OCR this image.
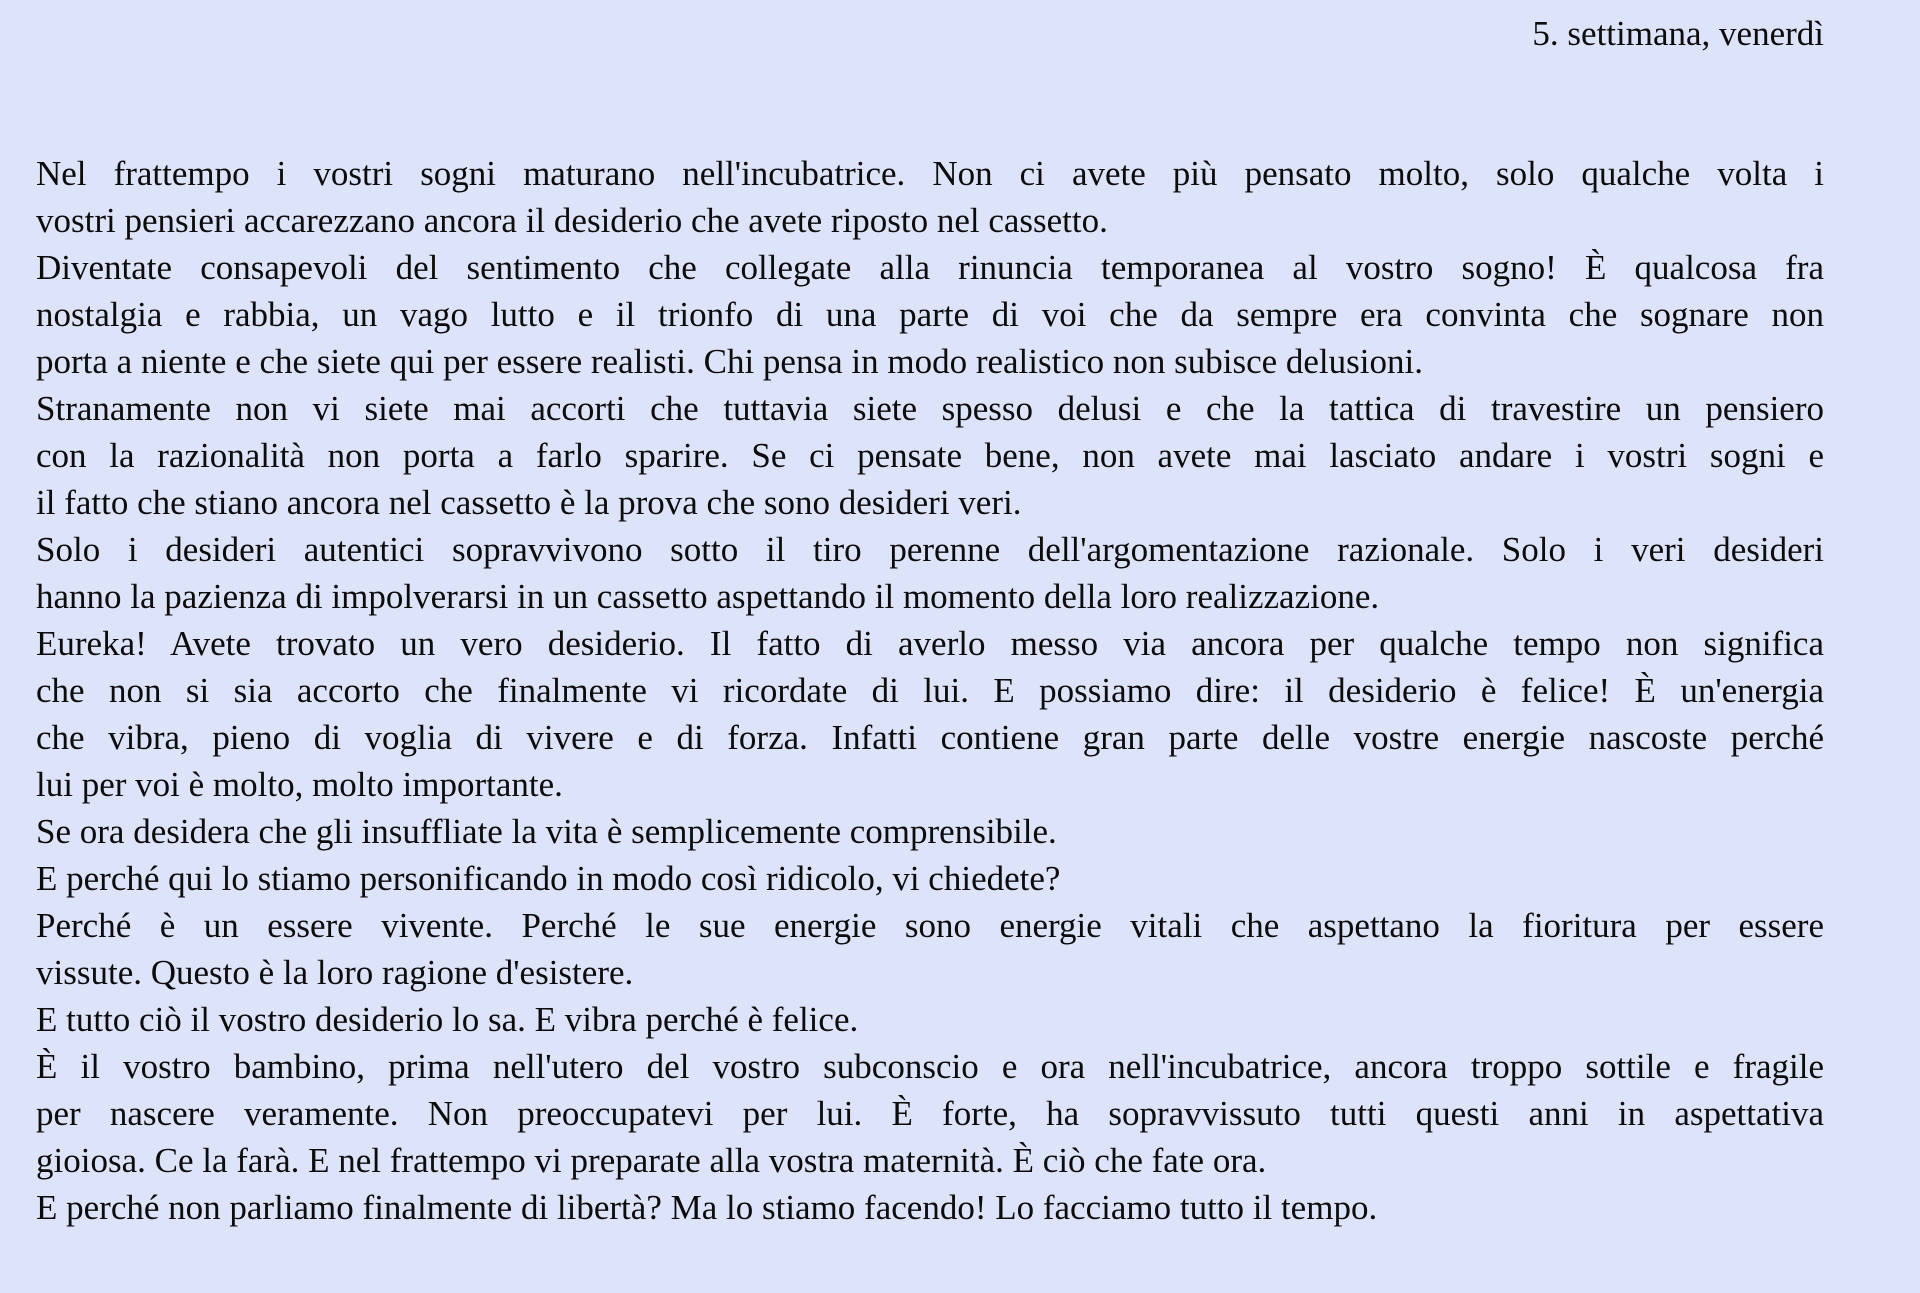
5. settimana, venerdì
Nel frattempo i vostri sogni maturano nell'incubatrice. Non ci avete più pensato molto, solo qualche volta i
vostri pensieri accarezzano ancora il desiderio che avete riposto nel cassetto.
Diventate consapevoli del sentimento che collegate alla rinuncia temporanea al vostro sogno! È qualcosa fra
nostalgia e rabbia, un vago lutto e il trionfo di una parte di voi che da sempre era convinta che sognare non
porta a niente e che siete qui per essere realisti. Chi pensa in modo realistico non subisce delusioni.
Stranamente non vi siete mai accorti che tuttavia siete spesso delusi e che la tattica di travestire un pensiero
con la razionalità non porta a farlo sparire. Se ci pensate bene, non avete mai lasciato andare i vostri sogni e
il fatto che stiano ancora nel cassetto è la prova che sono desideri veri.
Solo i desideri autentici sopravvivono sotto il tiro perenne dell'argomentazione razionale. Solo i veri desideri
hanno la pazienza di impolverarsi in un cassetto aspettando il momento della loro realizzazione.
Eureka! Avete trovato un vero desiderio. Il fatto di averlo messo via ancora per qualche tempo non significa
che non si sia accorto che finalmente vi ricordate di lui. E possiamo dire: il desiderio è felice! È un'energia
che vibra, pieno di voglia di vivere e di forza. Infatti contiene gran parte delle vostre energie nascoste perché
lui per voi è molto, molto importante.
Se ora desidera che gli insuffliate la vita è semplicemente comprensibile.
E perché qui lo stiamo personificando in modo così ridicolo, vi chiedete?
Perché è un essere vivente. Perché le sue energie sono energie vitali che aspettano la fioritura per essere
vissute. Questo è la loro ragione d'esistere.
E tutto ciò il vostro desiderio lo sa. E vibra perché è felice.
È il vostro bambino, prima nell'utero del vostro subconscio e ora nell'incubatrice, ancora troppo sottile e fragile
per nascere veramente. Non preoccupatevi per lui. È forte, ha sopravvissuto tutti questi anni in aspettativa
gioiosa. Ce la farà. E nel frattempo vi preparate alla vostra maternità. È ciò che fate ora.
E perché non parliamo finalmente di libertà? Ma lo stiamo facendo! Lo facciamo tutto il tempo.
